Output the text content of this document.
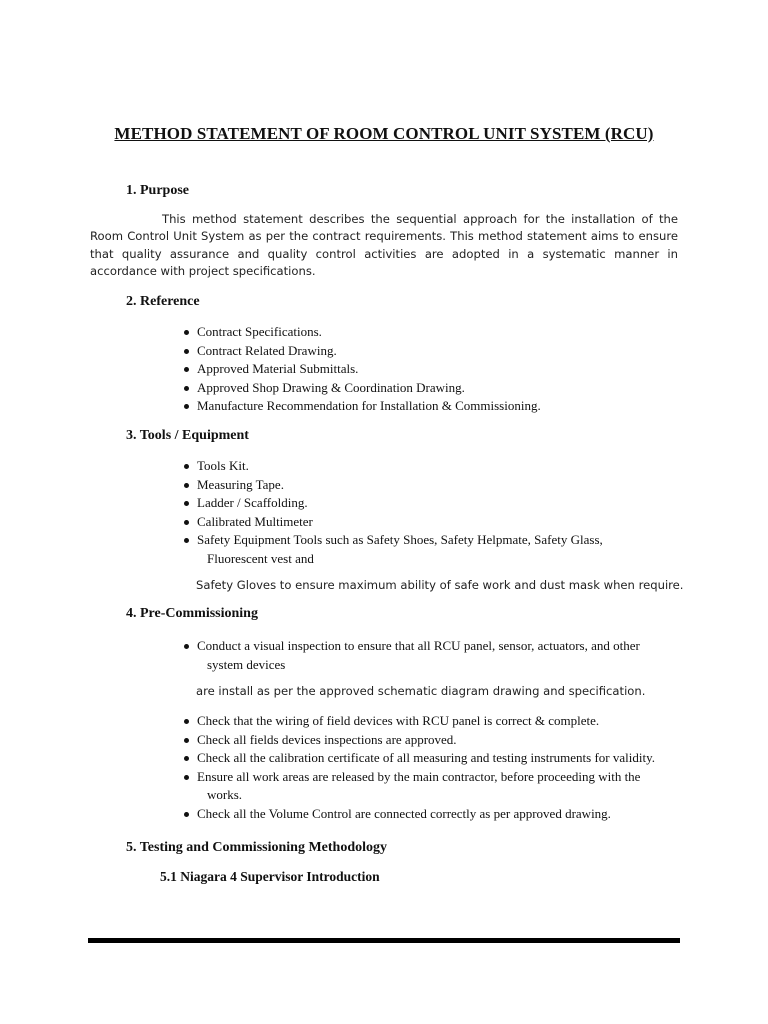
METHOD STATEMENT OF ROOM CONTROL UNIT SYSTEM (RCU)
1. Purpose
This method statement describes the sequential approach for the installation of the Room Control Unit System as per the contract requirements. This method statement aims to ensure that quality assurance and quality control activities are adopted in a systematic manner in accordance with project specifications.
2. Reference
Contract Specifications.
Contract Related Drawing.
Approved Material Submittals.
Approved Shop Drawing & Coordination Drawing.
Manufacture Recommendation for Installation & Commissioning.
3. Tools / Equipment
Tools Kit.
Measuring Tape.
Ladder / Scaffolding.
Calibrated Multimeter
Safety Equipment Tools such as Safety Shoes, Safety Helpmate, Safety Glass,
Fluorescent vest and
Safety Gloves to ensure maximum ability of safe work and dust mask when require.
4. Pre-Commissioning
Conduct a visual inspection to ensure that all RCU panel, sensor, actuators, and other
system devices
are install as per the approved schematic diagram drawing and specification.
Check that the wiring of field devices with RCU panel is correct & complete.
Check all fields devices inspections are approved.
Check all the calibration certificate of all measuring and testing instruments for validity.
Ensure all work areas are released by the main contractor, before proceeding with the
works.
Check all the Volume Control are connected correctly as per approved drawing.
5. Testing and Commissioning Methodology
5.1 Niagara 4 Supervisor Introduction
